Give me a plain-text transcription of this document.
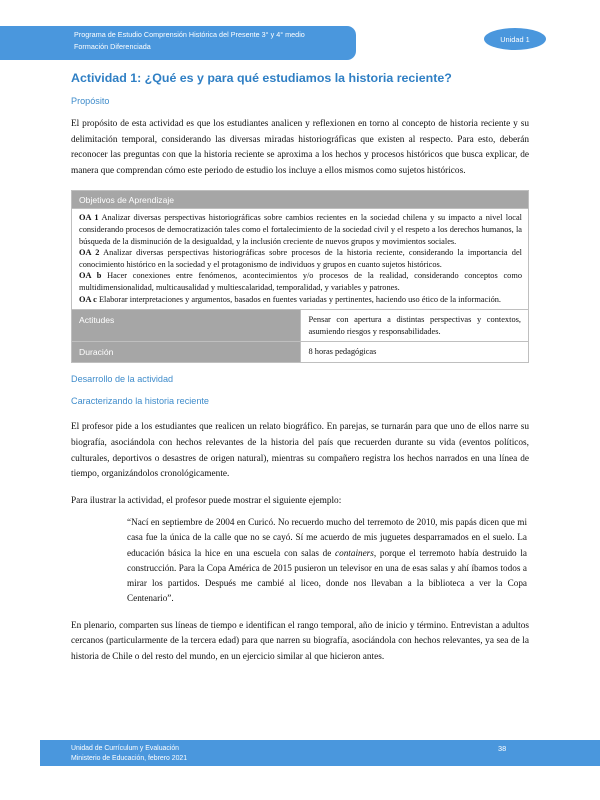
Programa de Estudio Comprensión Histórica del Presente 3° y 4° medio
Formación Diferenciada
Unidad 1
Actividad 1: ¿Qué es y para qué estudiamos la historia reciente?
Propósito

El propósito de esta actividad es que los estudiantes analicen y reflexionen en torno al concepto de historia reciente y su delimitación temporal, considerando las diversas miradas historiográficas que existen al respecto. Para esto, deberán reconocer las preguntas con que la historia reciente se aproxima a los hechos y procesos históricos que busca explicar, de manera que comprendan cómo este periodo de estudio los incluye a ellos mismos como sujetos históricos.

Objetivos de Aprendizaje	

OA 1 Analizar diversas perspectivas historiográficas sobre cambios recientes en la sociedad chilena y su impacto a nivel local considerando procesos de democratización tales como el fortalecimiento de la sociedad civil y el respeto a los derechos humanos, la búsqueda de la disminución de la desigualdad, y la inclusión creciente de nuevos grupos y movimientos sociales.
OA 2 Analizar diversas perspectivas historiográficas sobre procesos de la historia reciente, considerando la importancia del conocimiento histórico en la sociedad y el protagonismo de individuos y grupos en cuanto sujetos históricos.
OA b Hacer conexiones entre fenómenos, acontecimientos y/o procesos de la realidad, considerando conceptos como multidimensionalidad, multicausalidad y multiescalaridad, temporalidad, y variables y patrones.
OA c Elaborar interpretaciones y argumentos, basados en fuentes variadas y pertinentes, haciendo uso ético de la información.	

Actitudes	Pensar con apertura a distintas perspectivas y contextos, asumiendo riesgos y responsabilidades.
Duración	8 horas pedagógicas
Desarrollo de la actividad
Caracterizando la historia reciente

El profesor pide a los estudiantes que realicen un relato biográfico. En parejas, se turnarán para que uno de ellos narre su biografía, asociándola con hechos relevantes de la historia del país que recuerden durante su vida (eventos políticos, culturales, deportivos o desastres de origen natural), mientras su compañero registra los hechos narrados en una línea de tiempo, organizándolos cronológicamente.

Para ilustrar la actividad, el profesor puede mostrar el siguiente ejemplo:

“Nací en septiembre de 2004 en Curicó. No recuerdo mucho del terremoto de 2010, mis papás dicen que mi casa fue la única de la calle que no se cayó. Sí me acuerdo de mis juguetes desparramados en el suelo. La educación básica la hice en una escuela con salas de containers, porque el terremoto había destruido la construcción. Para la Copa América de 2015 pusieron un televisor en una de esas salas y ahí íbamos todos a mirar los partidos. Después me cambié al liceo, donde nos llevaban a la biblioteca a ver la Copa Centenario”.

En plenario, comparten sus líneas de tiempo e identifican el rango temporal, año de inicio y término. Entrevistan a adultos cercanos (particularmente de la tercera edad) para que narren su biografía, asociándola con hechos relevantes, ya sea de la historia de Chile o del resto del mundo, en un ejercicio similar al que hicieron antes.

Unidad de Currículum y Evaluación
Ministerio de Educación, febrero 2021
38
